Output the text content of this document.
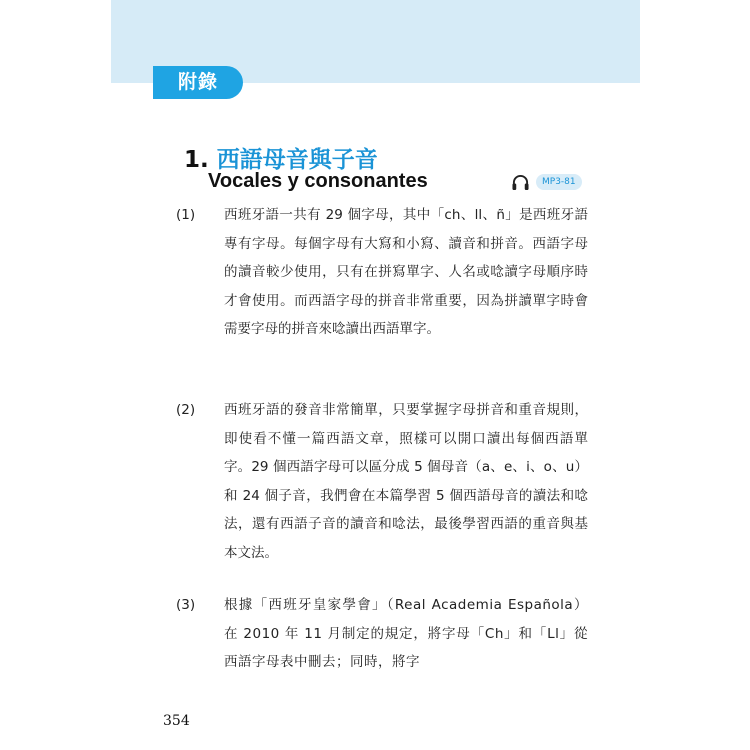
附錄
1. 西語母音與子音
Vocales y consonantes	MP3-81
(1)	西班牙語一共有 29 個字母，其中「ch、ll、ñ」是西班牙語專有字母。每個字母有大寫和小寫、讀音和拼音。西語字母的讀音較少使用，只有在拼寫單字、人名或唸讀字母順序時才會使用。而西語字母的拼音非常重要，因為拼讀單字時會需要字母的拼音來唸讀出西語單字。
(2)	西班牙語的發音非常簡單，只要掌握字母拼音和重音規則，即使看不懂一篇西語文章，照樣可以開口讀出每個西語單字。29 個西語字母可以區分成 5 個母音（a、e、i、o、u）和 24 個子音，我們會在本篇學習 5 個西語母音的讀法和唸法，還有西語子音的讀音和唸法，最後學習西語的重音與基本文法。
(3)	根據「西班牙皇家學會」（Real Academia Española）在 2010 年 11 月制定的規定，將字母「Ch」和「Ll」從西語字母表中刪去；同時，將字
354
